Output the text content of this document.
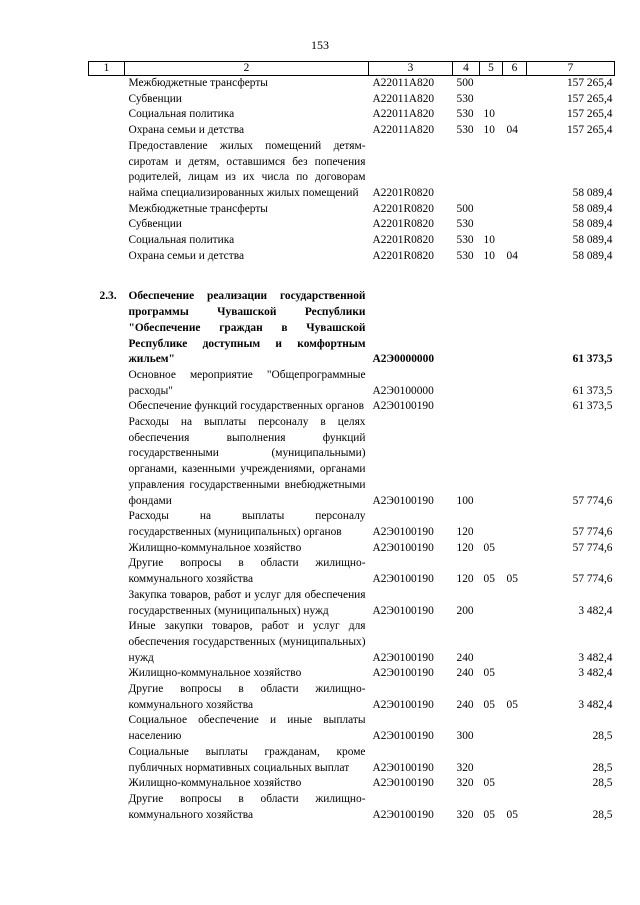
153
1	2	3	4	5	6	7
	Межбюджетные трансферты	А22011А820	500			157 265,4
	Субвенции	А22011А820	530			157 265,4
	Социальная политика	А22011А820	530	10		157 265,4
	Охрана семьи и детства	А22011А820	530	10	04	157 265,4
	Предоставление жилых помещений детям-сиротам и детям, оставшимся без попечения родителей, лицам из их числа по договорам найма специализированных жилых помещений	А2201R0820				58 089,4
	Межбюджетные трансферты	А2201R0820	500			58 089,4
	Субвенции	А2201R0820	530			58 089,4
	Социальная политика	А2201R0820	530	10		58 089,4
	Охрана семьи и детства	А2201R0820	530	10	04	58 089,4

2.3.	Обеспечение реализации государственной программы Чувашской Республики "Обеспечение граждан в Чувашской Республике доступным и комфортным жильем"	А2Э0000000				61 373,5
	Основное мероприятие "Общепрограммные расходы"	А2Э0100000				61 373,5
	Обеспечение функций государственных органов	А2Э0100190				61 373,5
	Расходы на выплаты персоналу в целях обеспечения выполнения функций государственными (муниципальными) органами, казенными учреждениями, органами управления государственными внебюджетными фондами	А2Э0100190	100			57 774,6
	Расходы на выплаты персоналу государственных (муниципальных) органов	А2Э0100190	120			57 774,6
	Жилищно-коммунальное хозяйство	А2Э0100190	120	05		57 774,6
	Другие вопросы в области жилищно-коммунального хозяйства	А2Э0100190	120	05	05	57 774,6
	Закупка товаров, работ и услуг для обеспечения государственных (муниципальных) нужд	А2Э0100190	200			3 482,4
	Иные закупки товаров, работ и услуг для обеспечения государственных (муниципальных) нужд	А2Э0100190	240			3 482,4
	Жилищно-коммунальное хозяйство	А2Э0100190	240	05		3 482,4
	Другие вопросы в области жилищно-коммунального хозяйства	А2Э0100190	240	05	05	3 482,4
	Социальное обеспечение и иные выплаты населению	А2Э0100190	300			28,5
	Социальные выплаты гражданам, кроме публичных нормативных социальных выплат	А2Э0100190	320			28,5
	Жилищно-коммунальное хозяйство	А2Э0100190	320	05		28,5
	Другие вопросы в области жилищно-коммунального хозяйства	А2Э0100190	320	05	05	28,5
